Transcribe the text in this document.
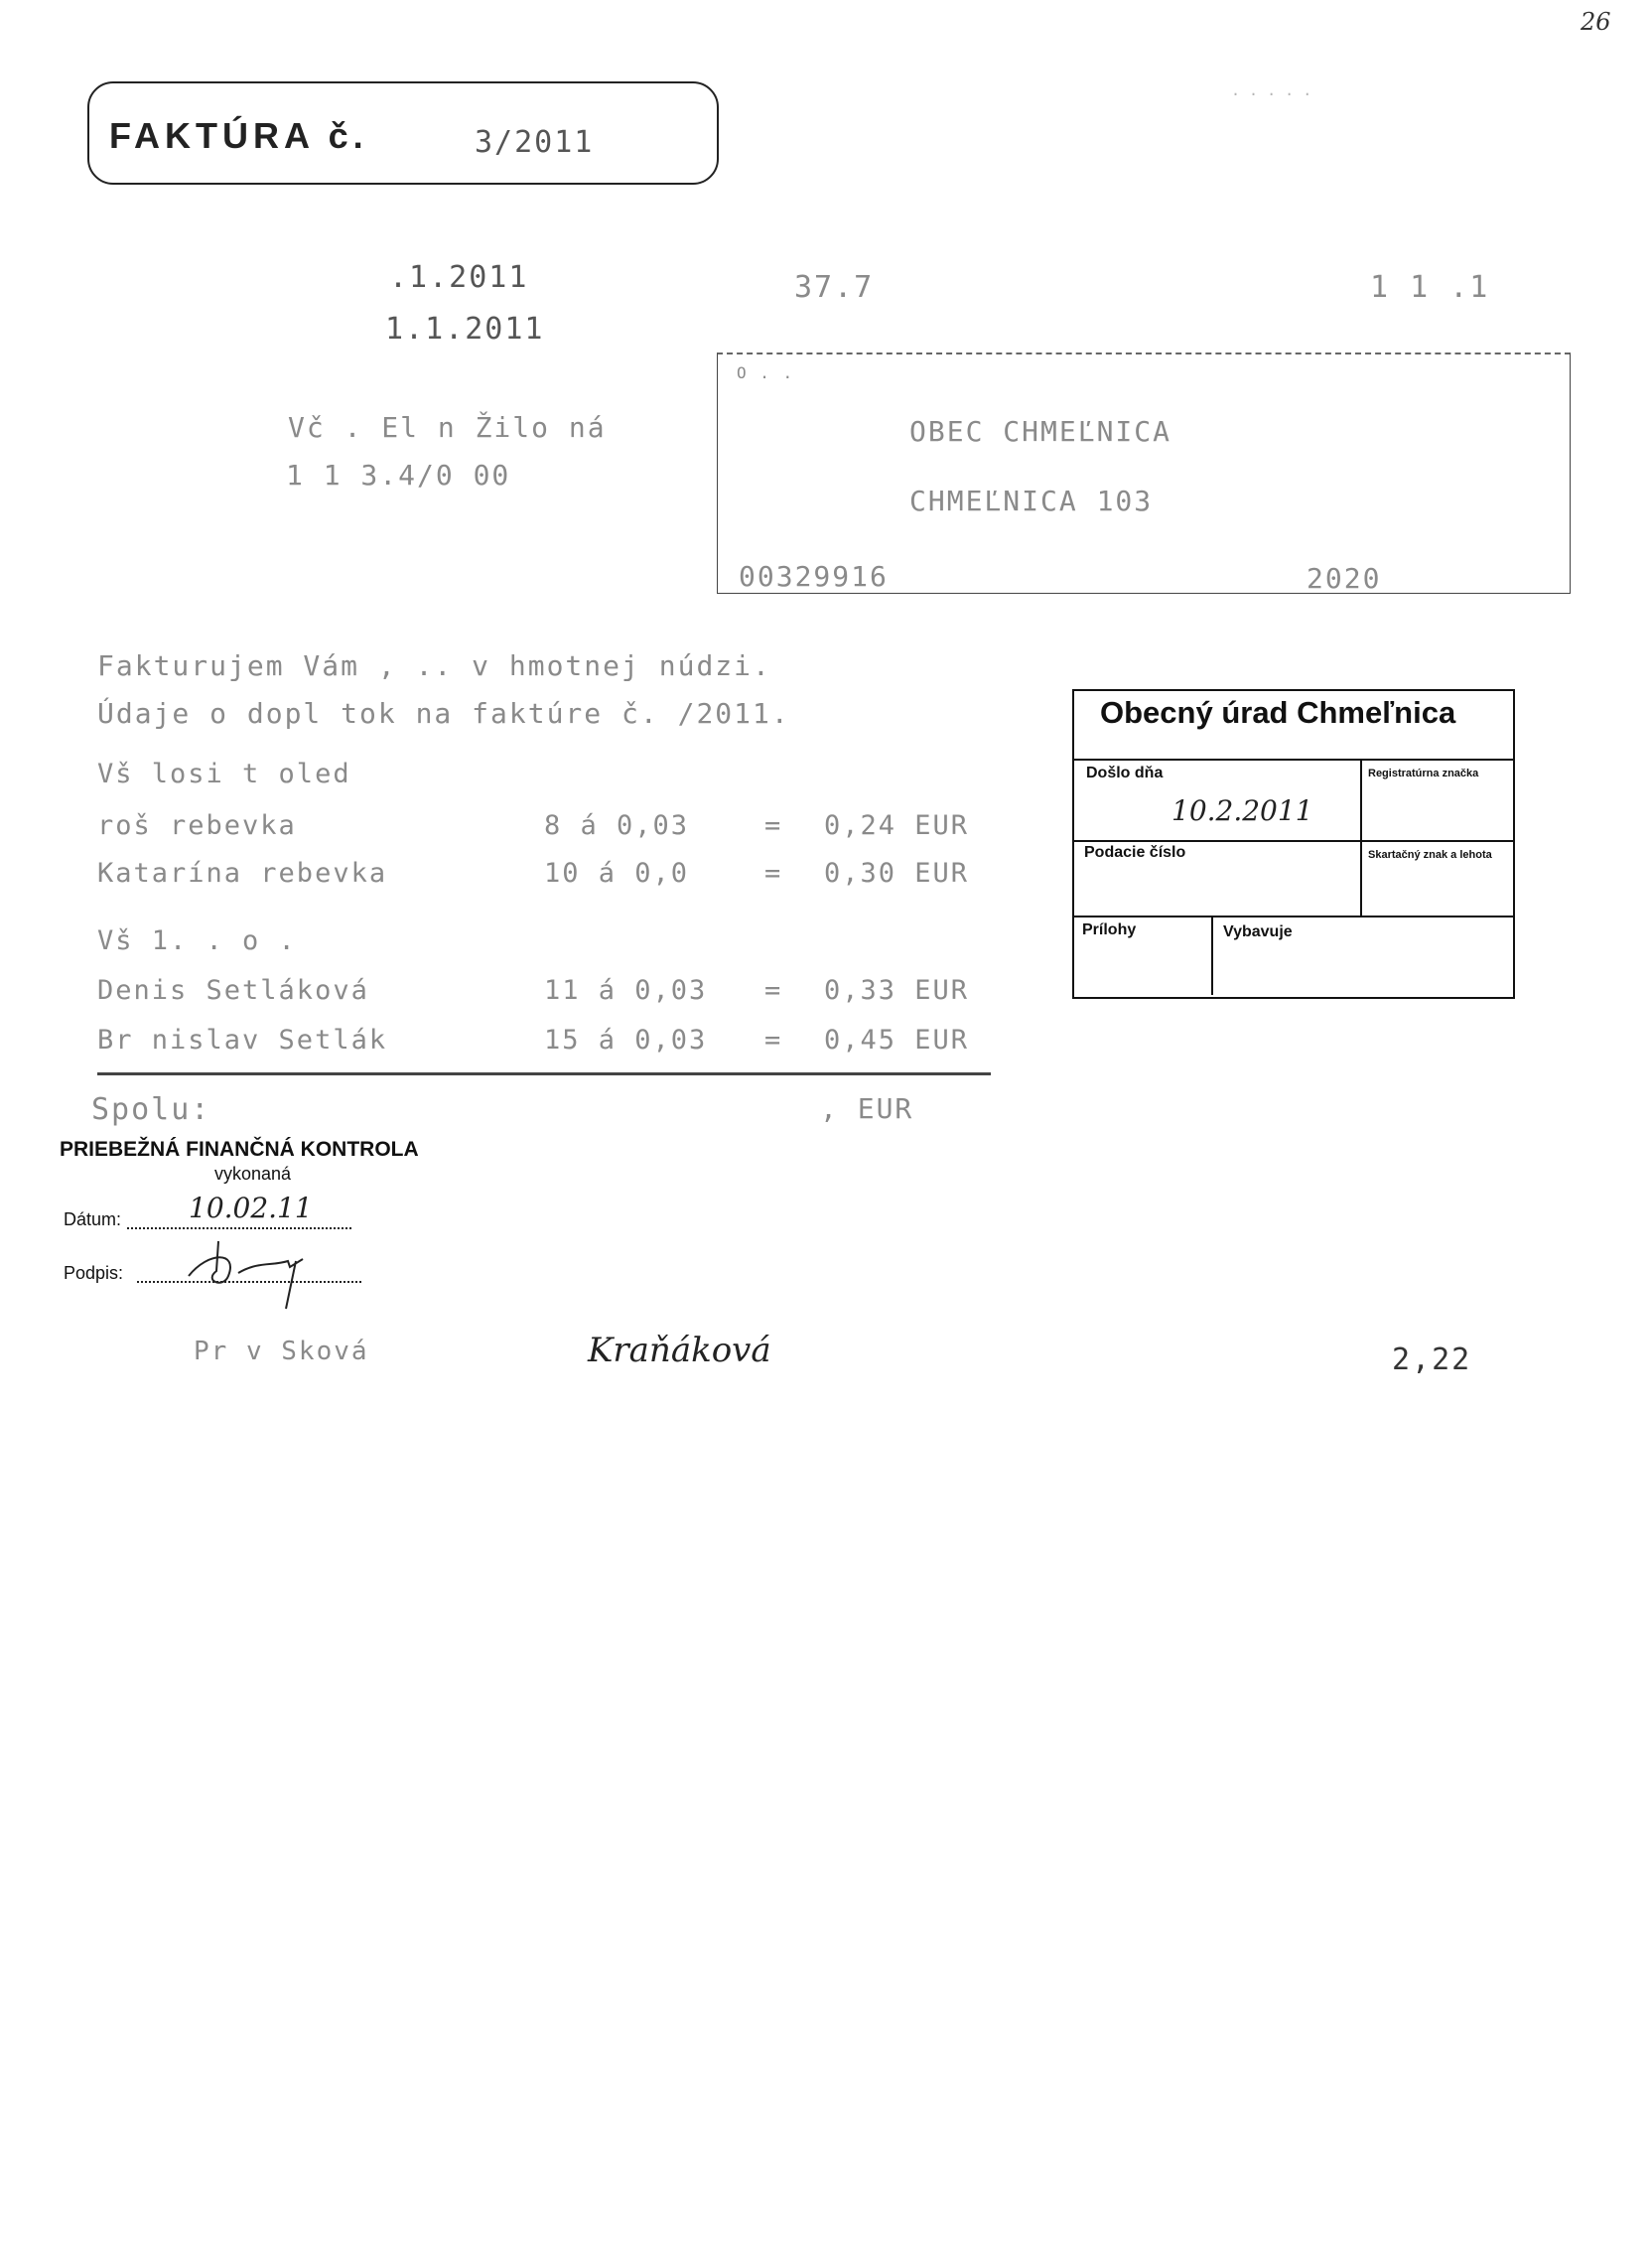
26
FAKTÚRA č.	3/2011
· · · · ·
.1.2011
1.1.2011
37.7	1 1 .1
Vč . El n Žilo ná
1 1 3.4/0 00
O . .
OBEC CHMEĽNICA
CHMEĽNICA 103
00329916	2020
Fakturujem Vám , .. v hmotnej núdzi.
Údaje o dopl tok na faktúre č. /2011.
Vš losi t oled
roš rebevka	8 á 0,03	= 0,24 EUR
Katarína rebevka	10 á 0,0	= 0,30 EUR
Vš 1. . o .
Denis Setláková	11 á 0,03 = 0,33 EUR
Br nislav Setlák	15 á 0,03 = 0,45 EUR
Spolu:	, EUR
Obecný úrad Chmeľnica
Došlo dňa
10.2.2011
Registratúrna značka
Podacie číslo	Skartačný znak a lehota
Prílohy	Vybavuje
PRIEBEŽNÁ FINANČNÁ KONTROLA
vykonaná
Dátum: 10.02.11
Podpis:
Pr v Sková	Kraňáková	2,22
